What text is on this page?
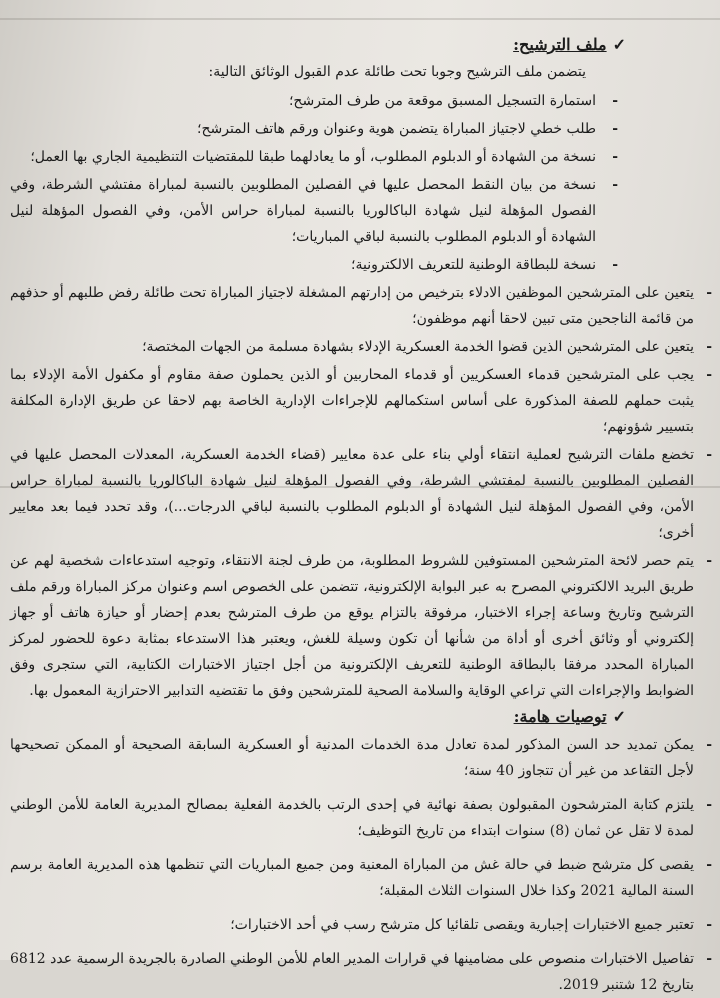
✓ملف الترشيح:
يتضمن ملف الترشيح وجوبا تحت طائلة عدم القبول الوثائق التالية:
-
استمارة التسجيل المسبق موقعة من طرف المترشح؛
-
طلب خطي لاجتياز المباراة يتضمن هوية وعنوان ورقم هاتف المترشح؛
-
نسخة من الشهادة أو الدبلوم المطلوب، أو ما يعادلهما طبقا للمقتضيات التنظيمية الجاري بها العمل؛
-
نسخة من بيان النقط المحصل عليها في الفصلين المطلوبين بالنسبة لمباراة مفتشي الشرطة، وفي الفصول المؤهلة لنيل شهادة الباكالوريا بالنسبة لمباراة حراس الأمن، وفي الفصول المؤهلة لنيل الشهادة أو الدبلوم المطلوب بالنسبة لباقي المباريات؛
-
نسخة للبطاقة الوطنية للتعريف الالكترونية؛
-
يتعين على المترشحين الموظفين الادلاء بترخيص من إدارتهم المشغلة لاجتياز المباراة تحت طائلة رفض طلبهم أو حذفهم من قائمة الناجحين متى تبين لاحقا أنهم موظفون؛
-
يتعين على المترشحين الذين قضوا الخدمة العسكرية الإدلاء بشهادة مسلمة من الجهات المختصة؛
-
يجب على المترشحين قدماء العسكريين أو قدماء المحاربين أو الذين يحملون صفة مقاوم أو مكفول الأمة الإدلاء بما يثبت حملهم للصفة المذكورة على أساس استكمالهم للإجراءات الإدارية الخاصة بهم لاحقا عن طريق الإدارة المكلفة بتسيير شؤونهم؛
-
تخضع ملفات الترشيح لعملية انتقاء أولي بناء على عدة معايير (قضاء الخدمة العسكرية، المعدلات المحصل عليها في الفصلين المطلوبين بالنسبة لمفتشي الشرطة، وفي الفصول المؤهلة لنيل شهادة الباكالوريا بالنسبة لمباراة حراس الأمن، وفي الفصول المؤهلة لنيل الشهادة أو الدبلوم المطلوب بالنسبة لباقي الدرجات...)، وقد تحدد فيما بعد معايير أخرى؛
-
يتم حصر لائحة المترشحين المستوفين للشروط المطلوبة، من طرف لجنة الانتقاء، وتوجيه استدعاءات شخصية لهم عن طريق البريد الالكتروني المصرح به عبر البوابة الإلكترونية، تتضمن على الخصوص اسم وعنوان مركز المباراة ورقم ملف الترشيح وتاريخ وساعة إجراء الاختبار، مرفوقة بالتزام يوقع من طرف المترشح بعدم إحضار أو حيازة هاتف أو جهاز إلكتروني أو وثائق أخرى أو أداة من شأنها أن تكون وسيلة للغش، ويعتبر هذا الاستدعاء بمثابة دعوة للحضور لمركز المباراة المحدد مرفقا بالبطاقة الوطنية للتعريف الإلكترونية من أجل اجتياز الاختبارات الكتابية، التي ستجرى وفق الضوابط والإجراءات التي تراعي الوقاية والسلامة الصحية للمترشحين وفق ما تقتضيه التدابير الاحترازية المعمول بها.
✓توصيات هامة:
-
يمكن تمديد حد السن المذكور لمدة تعادل مدة الخدمات المدنية أو العسكرية السابقة الصحيحة أو الممكن تصحيحها لأجل التقاعد من غير أن تتجاوز 40 سنة؛
-
يلتزم كتابة المترشحون المقبولون بصفة نهائية في إحدى الرتب بالخدمة الفعلية بمصالح المديرية العامة للأمن الوطني لمدة لا تقل عن ثمان (8) سنوات ابتداء من تاريخ التوظيف؛
-
يقصى كل مترشح ضبط في حالة غش من المباراة المعنية ومن جميع المباريات التي تنظمها هذه المديرية العامة برسم السنة المالية 2021 وكذا خلال السنوات الثلاث المقبلة؛
-
تعتبر جميع الاختبارات إجبارية ويقصى تلقائيا كل مترشح رسب في أحد الاختبارات؛
-
تفاصيل الاختبارات منصوص على مضامينها في قرارات المدير العام للأمن الوطني الصادرة بالجريدة الرسمية عدد 6812 بتاريخ 12 شتنبر 2019.
